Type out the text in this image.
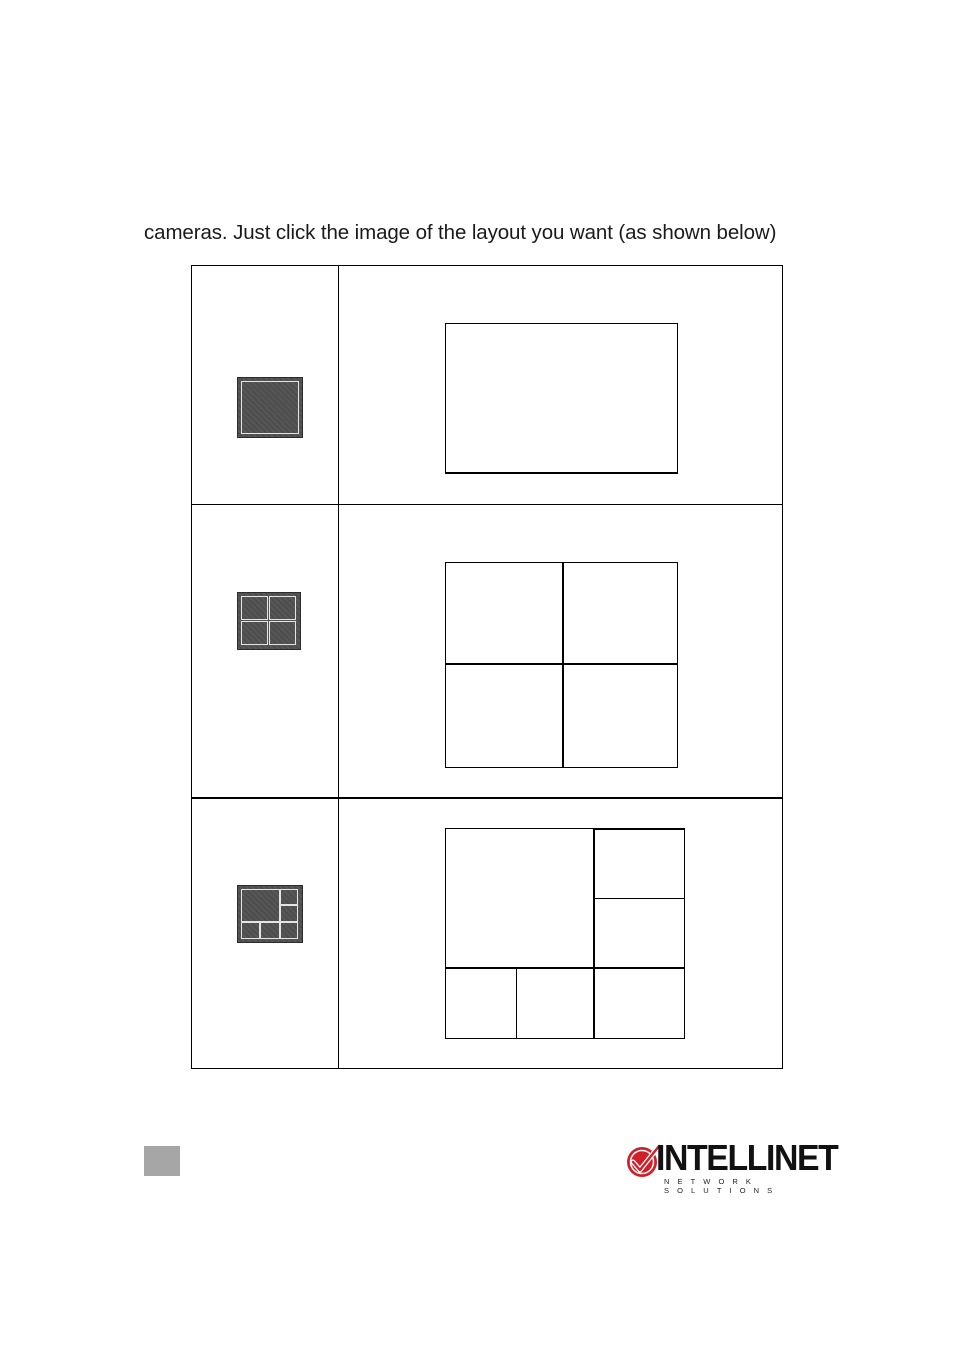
cameras. Just click the image of the layout you want (as shown below)

INTELLINET
NETWORK SOLUTIONS
